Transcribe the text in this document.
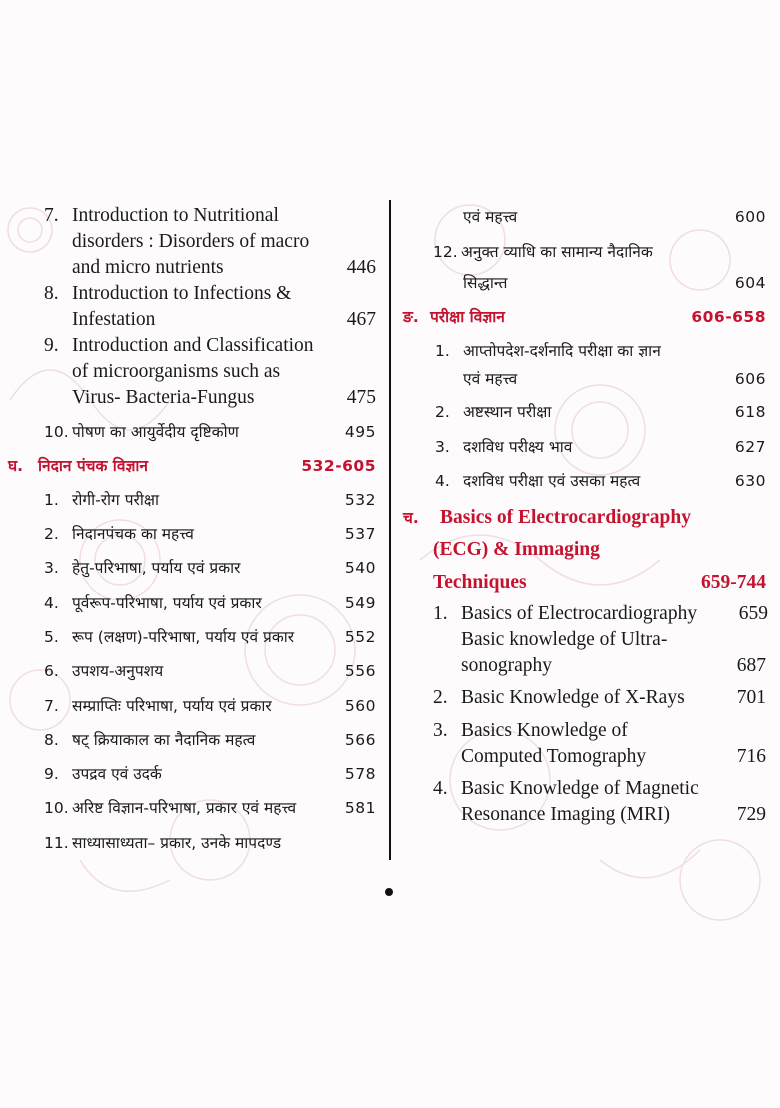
7. Introduction to Nutritional
disorders : Disorders of macro
and micro nutrients	446
8. Introduction to Infections &
Infestation	467
9. Introduction and Classification
of microorganisms such as
Virus- Bacteria-Fungus	475
10. पोषण का आयुर्वेदीय दृष्टिकोण	495
घ. निदान पंचक विज्ञान	532-605
1. रोगी-रोग परीक्षा	532
2. निदानपंचक का महत्त्व	537
3. हेतु-परिभाषा, पर्याय एवं प्रकार	540
4. पूर्वरूप-परिभाषा, पर्याय एवं प्रकार	549
5. रूप (लक्षण)-परिभाषा, पर्याय एवं प्रकार	552
6. उपशय-अनुपशय	556
7. सम्प्राप्तिः परिभाषा, पर्याय एवं प्रकार	560
8. षट् क्रियाकाल का नैदानिक महत्व	566
9. उपद्रव एवं उदर्क	578
10. अरिष्ट विज्ञान-परिभाषा, प्रकार एवं महत्त्व	581
11. साध्यासाध्यता– प्रकार, उनके मापदण्ड
एवं महत्त्व	600
12. अनुक्त व्याधि का सामान्य नैदानिक
सिद्धान्त	604
ङ. परीक्षा विज्ञान	606-658
1. आप्तोपदेश-दर्शनादि परीक्षा का ज्ञान
एवं महत्त्व	606
2. अष्टस्थान परीक्षा	618
3. दशविध परीक्ष्य भाव	627
4. दशविध परीक्षा एवं उसका महत्व	630
च. Basics of Electrocardiography
(ECG) & Immaging
Techniques	659-744
1. Basics of Electrocardiography 659
Basic knowledge of Ultra-
sonography	687
2. Basic Knowledge of X-Rays	701
3. Basics Knowledge of
Computed Tomography	716
4. Basic Knowledge of Magnetic
Resonance Imaging (MRI)	729
